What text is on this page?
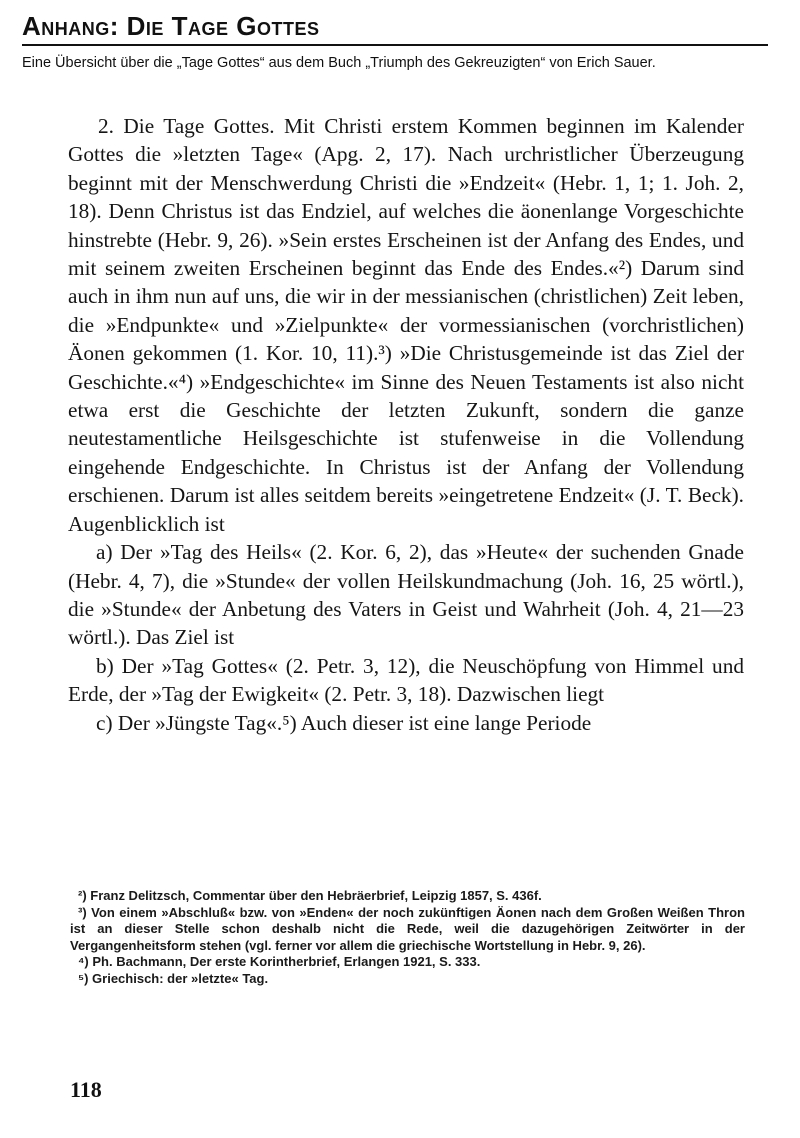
Anhang: Die Tage Gottes
Eine Übersicht über die „Tage Gottes“ aus dem Buch „Triumph des Gekreuzigten“ von Erich Sauer.

2. Die Tage Gottes. Mit Christi erstem Kommen beginnen im Kalender Gottes die »letzten Tage« (Apg. 2, 17). Nach urchristlicher Überzeugung beginnt mit der Menschwerdung Christi die »Endzeit« (Hebr. 1, 1; 1. Joh. 2, 18). Denn Christus ist das Endziel, auf welches die äonenlange Vorgeschichte hinstrebte (Hebr. 9, 26). »Sein erstes Erscheinen ist der Anfang des Endes, und mit seinem zweiten Erscheinen beginnt das Ende des Endes.«²) Darum sind auch in ihm nun auf uns, die wir in der messianischen (christlichen) Zeit leben, die »Endpunkte« und »Zielpunkte« der vormessianischen (vorchristlichen) Äonen gekommen (1. Kor. 10, 11).³) »Die Christusgemeinde ist das Ziel der Geschichte.«⁴) »Endgeschichte« im Sinne des Neuen Testaments ist also nicht etwa erst die Geschichte der letzten Zukunft, sondern die ganze neutestamentliche Heilsgeschichte ist stufenweise in die Vollendung eingehende Endgeschichte. In Christus ist der Anfang der Vollendung erschienen. Darum ist alles seitdem bereits »eingetretene Endzeit« (J. T. Beck). Augenblicklich ist

a) Der »Tag des Heils« (2. Kor. 6, 2), das »Heute« der suchenden Gnade (Hebr. 4, 7), die »Stunde« der vollen Heilskundmachung (Joh. 16, 25 wörtl.), die »Stunde« der Anbetung des Vaters in Geist und Wahrheit (Joh. 4, 21—23 wörtl.). Das Ziel ist

b) Der »Tag Gottes« (2. Petr. 3, 12), die Neuschöpfung von Himmel und Erde, der »Tag der Ewigkeit« (2. Petr. 3, 18). Dazwischen liegt

c) Der »Jüngste Tag«.⁵) Auch dieser ist eine lange Periode

²) Franz Delitzsch, Commentar über den Hebräerbrief, Leipzig 1857, S. 436f.

³) Von einem »Abschluß« bzw. von »Enden« der noch zukünftigen Äonen nach dem Großen Weißen Thron ist an dieser Stelle schon deshalb nicht die Rede, weil die dazugehörigen Zeitwörter in der Vergangenheitsform stehen (vgl. ferner vor allem die griechische Wortstellung in Hebr. 9, 26).

⁴) Ph. Bachmann, Der erste Korintherbrief, Erlangen 1921, S. 333.

⁵) Griechisch: der »letzte« Tag.

118
